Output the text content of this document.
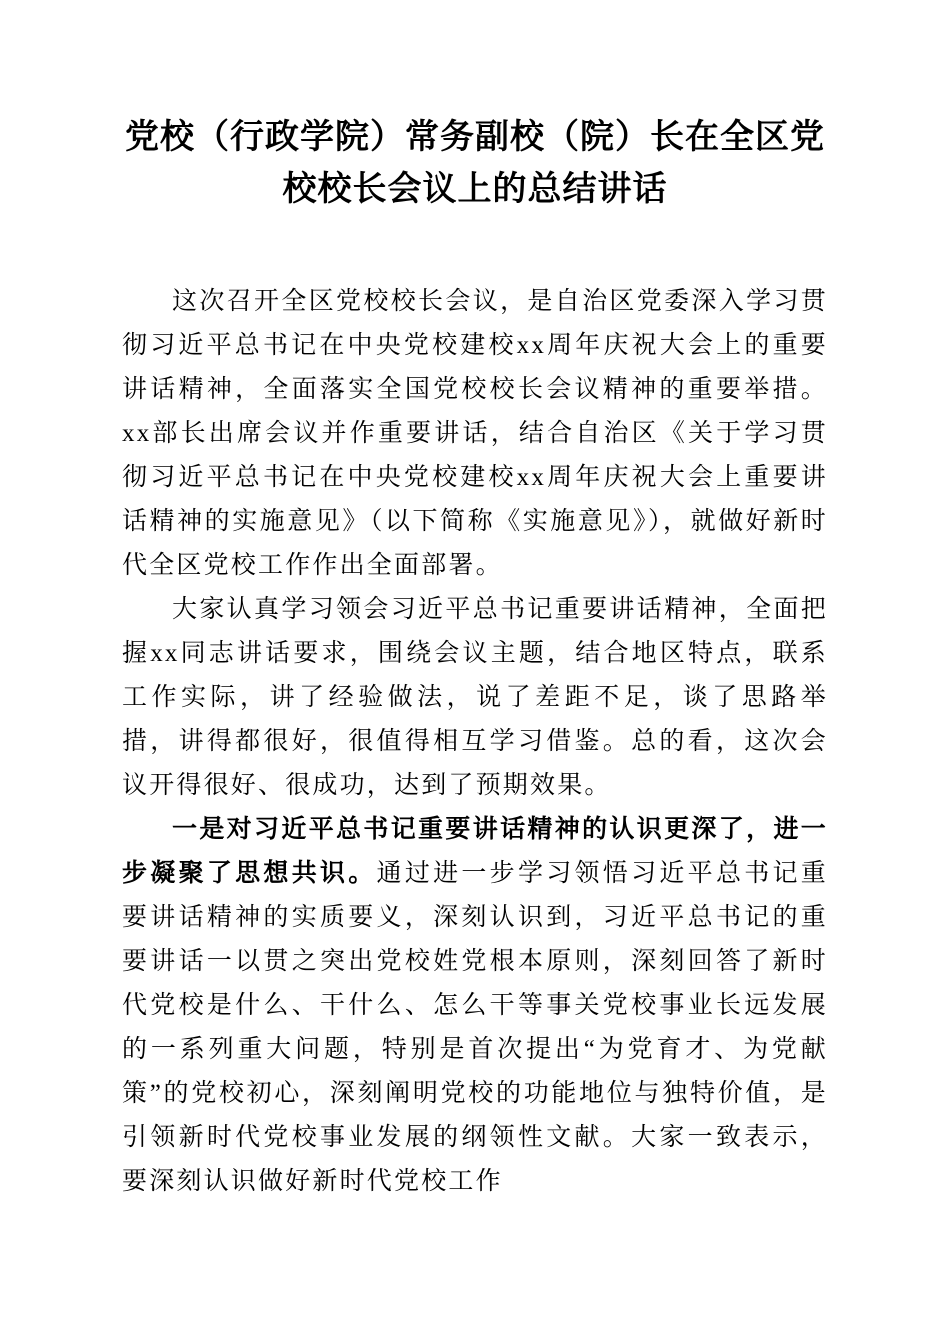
党校（行政学院）常务副校（院）长在全区党校校长会议上的总结讲话

这次召开全区党校校长会议，是自治区党委深入学习贯彻习近平总书记在中央党校建校xx周年庆祝大会上的重要讲话精神，全面落实全国党校校长会议精神的重要举措。xx部长出席会议并作重要讲话，结合自治区《关于学习贯彻习近平总书记在中央党校建校xx周年庆祝大会上重要讲话精神的实施意见》（以下简称《实施意见》），就做好新时代全区党校工作作出全面部署。

大家认真学习领会习近平总书记重要讲话精神，全面把握xx同志讲话要求，围绕会议主题，结合地区特点，联系工作实际，讲了经验做法，说了差距不足，谈了思路举措，讲得都很好，很值得相互学习借鉴。总的看，这次会议开得很好、很成功，达到了预期效果。

一是对习近平总书记重要讲话精神的认识更深了，进一步凝聚了思想共识。通过进一步学习领悟习近平总书记重要讲话精神的实质要义，深刻认识到，习近平总书记的重要讲话一以贯之突出党校姓党根本原则，深刻回答了新时代党校是什么、干什么、怎么干等事关党校事业长远发展的一系列重大问题，特别是首次提出“为党育才、为党献策”的党校初心，深刻阐明党校的功能地位与独特价值，是引领新时代党校事业发展的纲领性文献。大家一致表示，要深刻认识做好新时代党校工作
